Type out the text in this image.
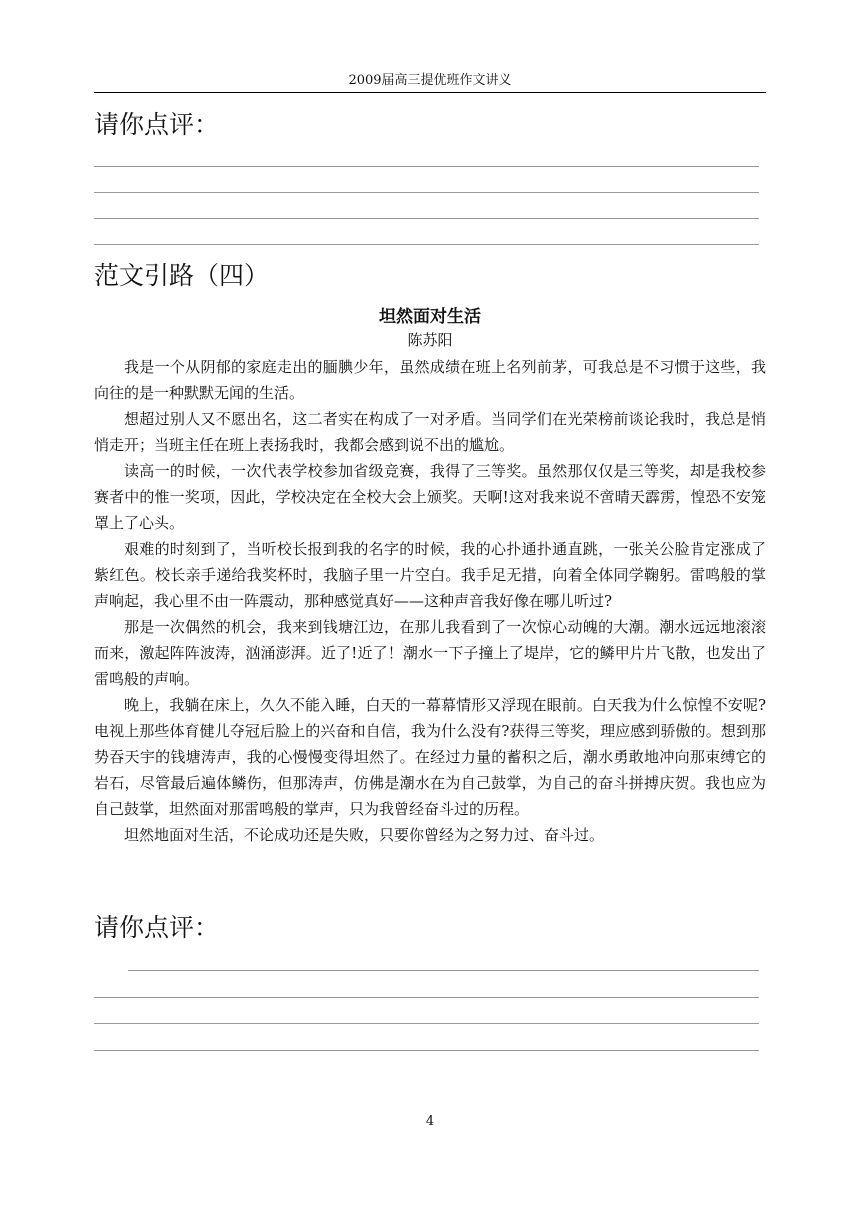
2009届高三提优班作文讲义
请你点评：
范文引路（四）
坦然面对生活
陈苏阳

我是一个从阴郁的家庭走出的腼腆少年，虽然成绩在班上名列前茅，可我总是不习惯于这些，我向往的是一种默默无闻的生活。

想超过别人又不愿出名，这二者实在构成了一对矛盾。当同学们在光荣榜前谈论我时，我总是悄悄走开；当班主任在班上表扬我时，我都会感到说不出的尴尬。

读高一的时候，一次代表学校参加省级竞赛，我得了三等奖。虽然那仅仅是三等奖，却是我校参赛者中的惟一奖项，因此，学校决定在全校大会上颁奖。天啊!这对我来说不啻晴天霹雳，惶恐不安笼罩上了心头。

艰难的时刻到了，当听校长报到我的名字的时候，我的心扑通扑通直跳，一张关公脸肯定涨成了紫红色。校长亲手递给我奖杯时，我脑子里一片空白。我手足无措，向着全体同学鞠躬。雷鸣般的掌声响起，我心里不由一阵震动，那种感觉真好——这种声音我好像在哪儿听过?

那是一次偶然的机会，我来到钱塘江边，在那儿我看到了一次惊心动魄的大潮。潮水远远地滚滚而来，激起阵阵波涛，汹涌澎湃。近了!近了！潮水一下子撞上了堤岸，它的鳞甲片片飞散，也发出了雷鸣般的声响。

晚上，我躺在床上，久久不能入睡，白天的一幕幕情形又浮现在眼前。白天我为什么惊惶不安呢?电视上那些体育健儿夺冠后脸上的兴奋和自信，我为什么没有?获得三等奖，理应感到骄傲的。想到那势吞天宇的钱塘涛声，我的心慢慢变得坦然了。在经过力量的蓄积之后，潮水勇敢地冲向那束缚它的岩石，尽管最后遍体鳞伤，但那涛声，仿佛是潮水在为自己鼓掌，为自己的奋斗拼搏庆贺。我也应为自己鼓掌，坦然面对那雷鸣般的掌声，只为我曾经奋斗过的历程。

坦然地面对生活，不论成功还是失败，只要你曾经为之努力过、奋斗过。

请你点评：
4
